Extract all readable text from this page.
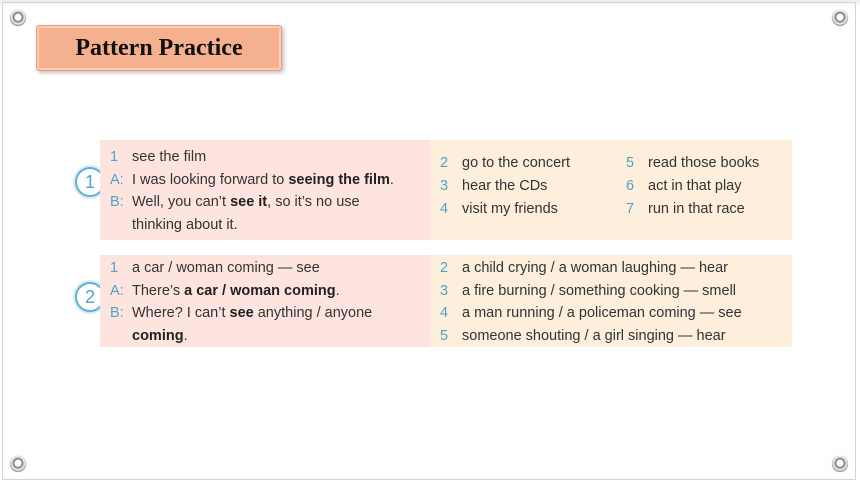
Pattern Practice
1
1 see the film
A: I was looking forward to seeing the film.
B: Well, you can’t see it, so it’s no use
thinking about it.
2 go to the concert
3 hear the CDs
4 visit my friends
5 read those books
6 act in that play
7 run in that race
2
1 a car / woman coming — see
A: There’s a car / woman coming.
B: Where? I can’t see anything / anyone
coming.
2 a child crying / a woman laughing — hear
3 a fire burning / something cooking — smell
4 a man running / a policeman coming — see
5 someone shouting / a girl singing — hear
